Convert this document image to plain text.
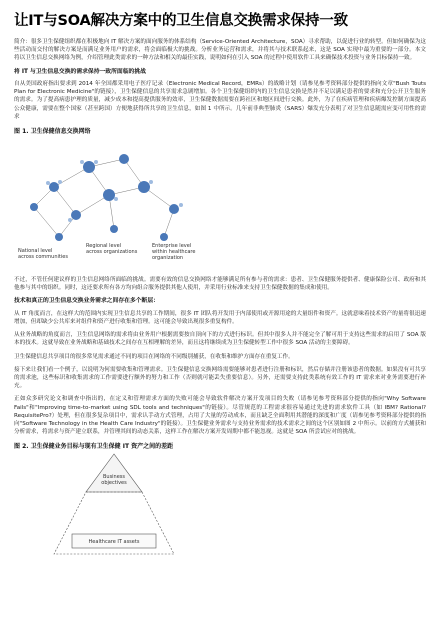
让IT与SOA解决方案中的卫生信息交换需求保持一致

简介：很多卫生保健组织都在积极地向 IT 解决方案的面向服务的体系结构（Service-Oriented Architecture，SOA）寻求帮助，以促进行业的转型。但如何确保为这些活动而交付的解决方案是而满足业务用户的需求，将会面临极大的挑战。分析业务运营和需求，并将其与技术联系起来，这是 SOA 实现中最为重要的一部分。本文将以卫生信息交换网络为例，介绍管理此类需求的一种方法和相关的最佳实践，说明如何在引入 SOA 的过程中使用软件工具来确保技术投资与业务目标保持一致。

将 IT 与卫生信息交换的需求保持一致所面临的挑战

自从美国政府指出要求到 2014 年全国都采用电子医疗记录（Electronic Medical Record，EMRs）的战略计划（请参见参考资料部分提供的指向文章"Bush Touts Plan for Electronic Medicine"的链接），卫生保健信息的共享需求急剧增加。各个卫生保健组织内的卫生信息交换是然并不足以满足患者的要求和充分公开卫生服务的需求。为了提高病患护理的质量，减少成本和提高提供服务的效率，卫生保健数据需要在跨社区和地区间进行交换。此外，为了在疾病管理和疾病爆发控制方面提高公众健康，需要在整个国家（甚至跨国）方便地获得所共享的卫生信息，如图 1 中所示。几年前非典型肺炎（SARS）爆发充分表明了对卫生信息随需应变可用性的需求

图 1. 卫生保健信息交换网络
National level
across communities
Regional level
across organizations
Enterprise level
within healthcare
organization

不过，不管任何建议样的卫生信息网络所面临的挑战。需要有效的信息交换网络才能够满足所有参与者的需求：患者、卫生保健服务提供者、健康保险公司、政府和其他参与其中的组织。同时，这还要求所有各方均向组合服务提供其他人使用，并采用行业标准来支持卫生保健数据的集成和使用。

技术和真正的卫生信息交换业务需求之间存在多个断层：

从 IT 角度而言，在这样大的范围内实现卫生信息共享的工作期间，很多 IT 团队将开发用于内部使用或开源用途的大量组件和资产。这就意味着技术资产的量将很迅速增加，但却缺少公共库来对组件和资产进行收集和管理。这可能会导致出现很多重复构件。

从业务战略的角度而言，卫生信息网络的需求将由业务用户根据需要按自顶向下的方式进行标识。但其中很多人并不能完全了解可用于支持这些需求的启用了 SOA 版本的技术。这就导致在业务战略和基础技术之间存在互相理解的差异，而且这将继续成为卫生保健转型工作中很多 SOA 活动的主要障碍。

卫生保健信息共享项目的很多常见需求通过不同的项目在网络的不同级别捕获，在收集和维护方面存在重复工作。

接下来让我们看一个例子，以说明为何需要收集和管理需求。卫生保健信息交换网络需要能够对患者进行注册和标识，然后存储并注册该患者的数据。如果没有可共享的需求池，这些标识和收集需求的工作需要进行额外的努力和工作（否则就可能丢失重要信息）。另外，还需要支持此类系统有效工作的 IT 需求来对业务需要进行补充。

正如众多研究论文和调查中指出的，在定义和管理需求方面的失败可能会导致软件解决方案开发项目的失败（请参见参考资料部分提供的指向"Why Software Fails"和"Improving time-to-market using SDL tools and techniques"的链接）。尽管规范的工程需求很容易通过先进的需求软件工具（如 IBM? Rational? RequisitePro?）处理，但在很多复杂项目中，需求认手动方式管理，占用了大量的劳动成本，而且缺乏全面利用其潜能的深度和广度（请参见参考资料部分提供的指向"Software Technology in the Health Care Industry"的链接）。卫生保健业务需求与支持业务需求的技术需求之间的这个区别如图 2 中所示。以前的方式捕获和分析需求，将需求与资产建立联系，并管理其间的动态关系，这样工作在解决方案开发周期中都不能忽视。这就是 SOA 所尝试应对的挑战。

图 2. 卫生保健业务目标与现有卫生保健 IT 资产之间的差距
Business
objectives
Healthcare IT assets
